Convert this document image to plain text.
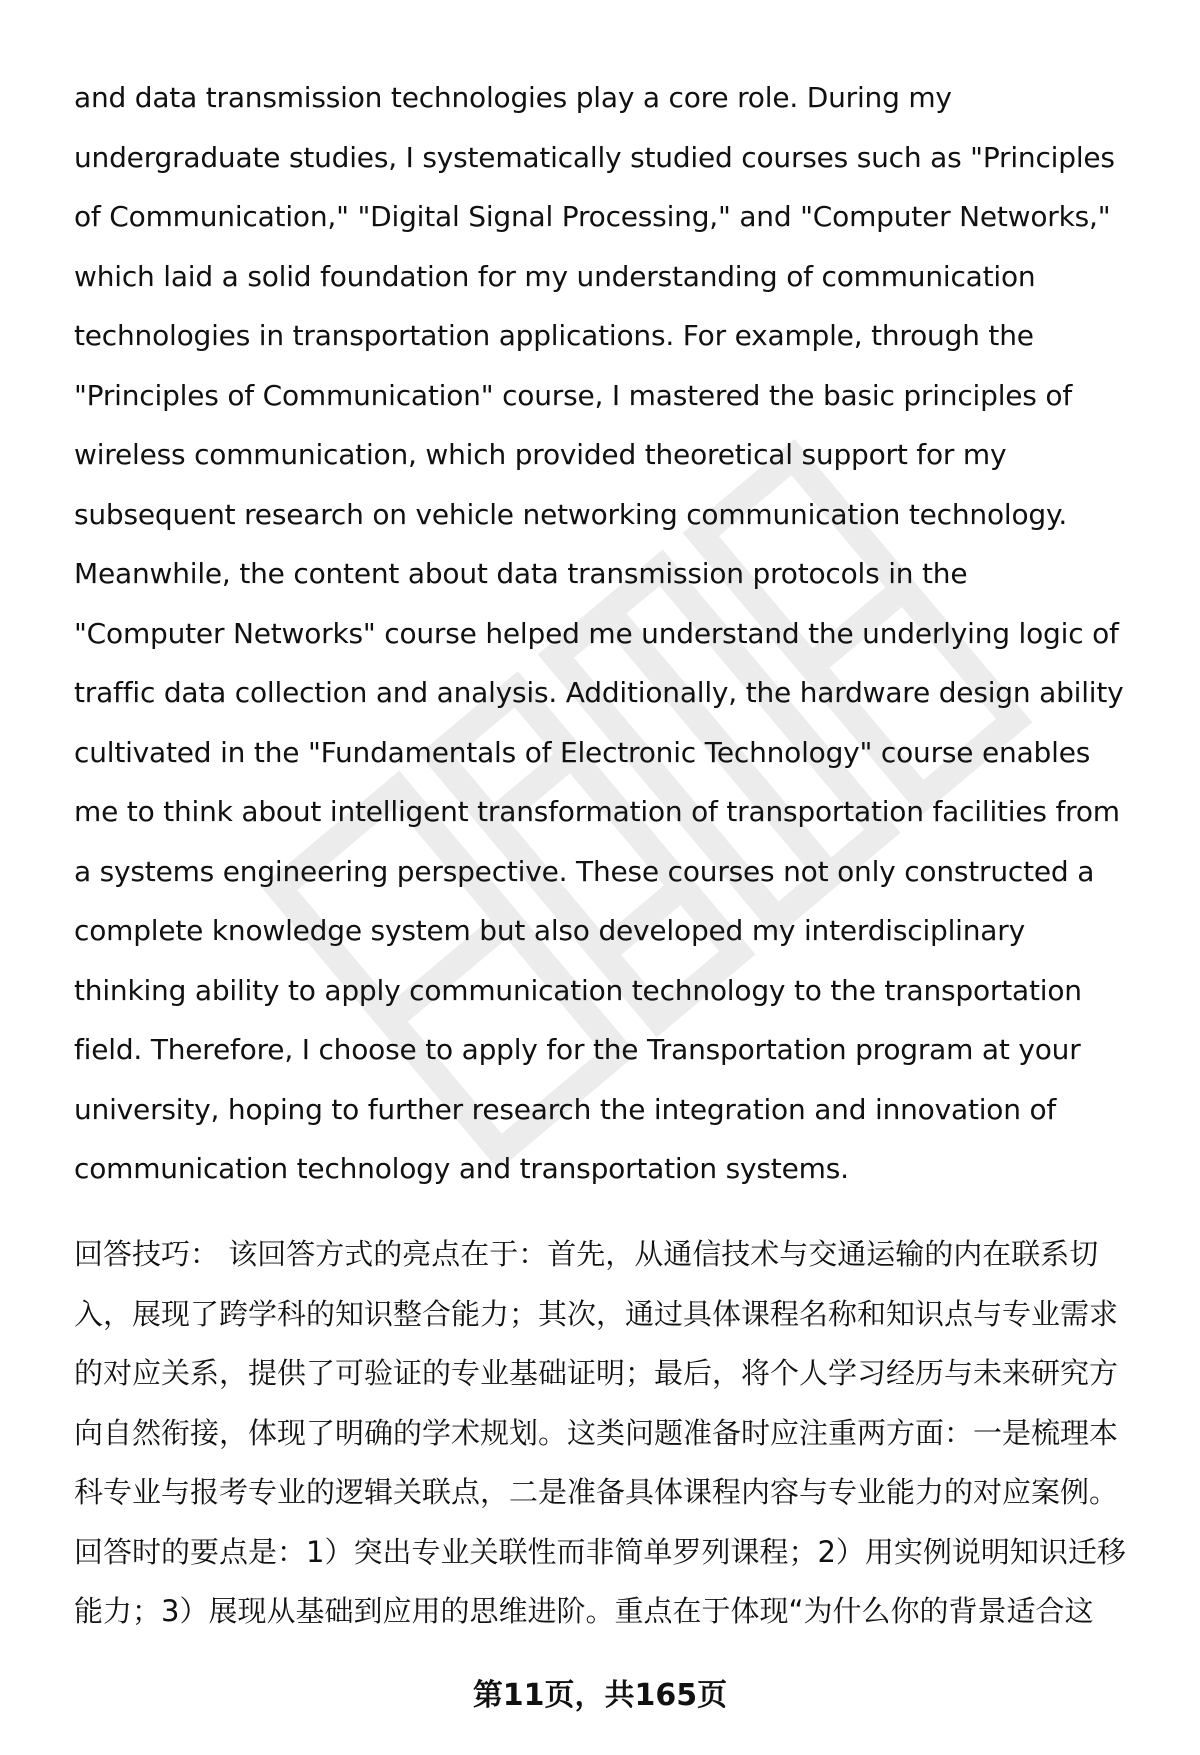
and data transmission technologies play a core role. During my
undergraduate studies, I systematically studied courses such as "Principles
of Communication," "Digital Signal Processing," and "Computer Networks,"
which laid a solid foundation for my understanding of communication
technologies in transportation applications. For example, through the
"Principles of Communication" course, I mastered the basic principles of
wireless communication, which provided theoretical support for my
subsequent research on vehicle networking communication technology.
Meanwhile, the content about data transmission protocols in the
"Computer Networks" course helped me understand the underlying logic of
traffic data collection and analysis. Additionally, the hardware design ability
cultivated in the "Fundamentals of Electronic Technology" course enables
me to think about intelligent transformation of transportation facilities from
a systems engineering perspective. These courses not only constructed a
complete knowledge system but also developed my interdisciplinary
thinking ability to apply communication technology to the transportation
field. Therefore, I choose to apply for the Transportation program at your
university, hoping to further research the integration and innovation of
communication technology and transportation systems.
回答技巧： 该回答方式的亮点在于：首先，从通信技术与交通运输的内在联系切
入，展现了跨学科的知识整合能力；其次，通过具体课程名称和知识点与专业需求
的对应关系，提供了可验证的专业基础证明；最后，将个人学习经历与未来研究方
向自然衔接，体现了明确的学术规划。这类问题准备时应注重两方面：一是梳理本
科专业与报考专业的逻辑关联点，二是准备具体课程内容与专业能力的对应案例。
回答时的要点是：1）突出专业关联性而非简单罗列课程；2）用实例说明知识迁移
能力；3）展现从基础到应用的思维进阶。重点在于体现“为什么你的背景适合这
第11页，共165页
